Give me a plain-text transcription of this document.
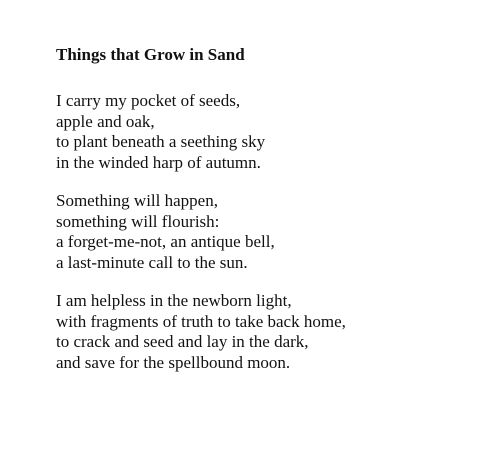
Things that Grow in Sand
I carry my pocket of seeds,
apple and oak,
to plant beneath a seething sky
in the winded harp of autumn.
Something will happen,
something will flourish:
a forget-me-not, an antique bell,
a last-minute call to the sun.
I am helpless in the newborn light,
with fragments of truth to take back home,
to crack and seed and lay in the dark,
and save for the spellbound moon.
